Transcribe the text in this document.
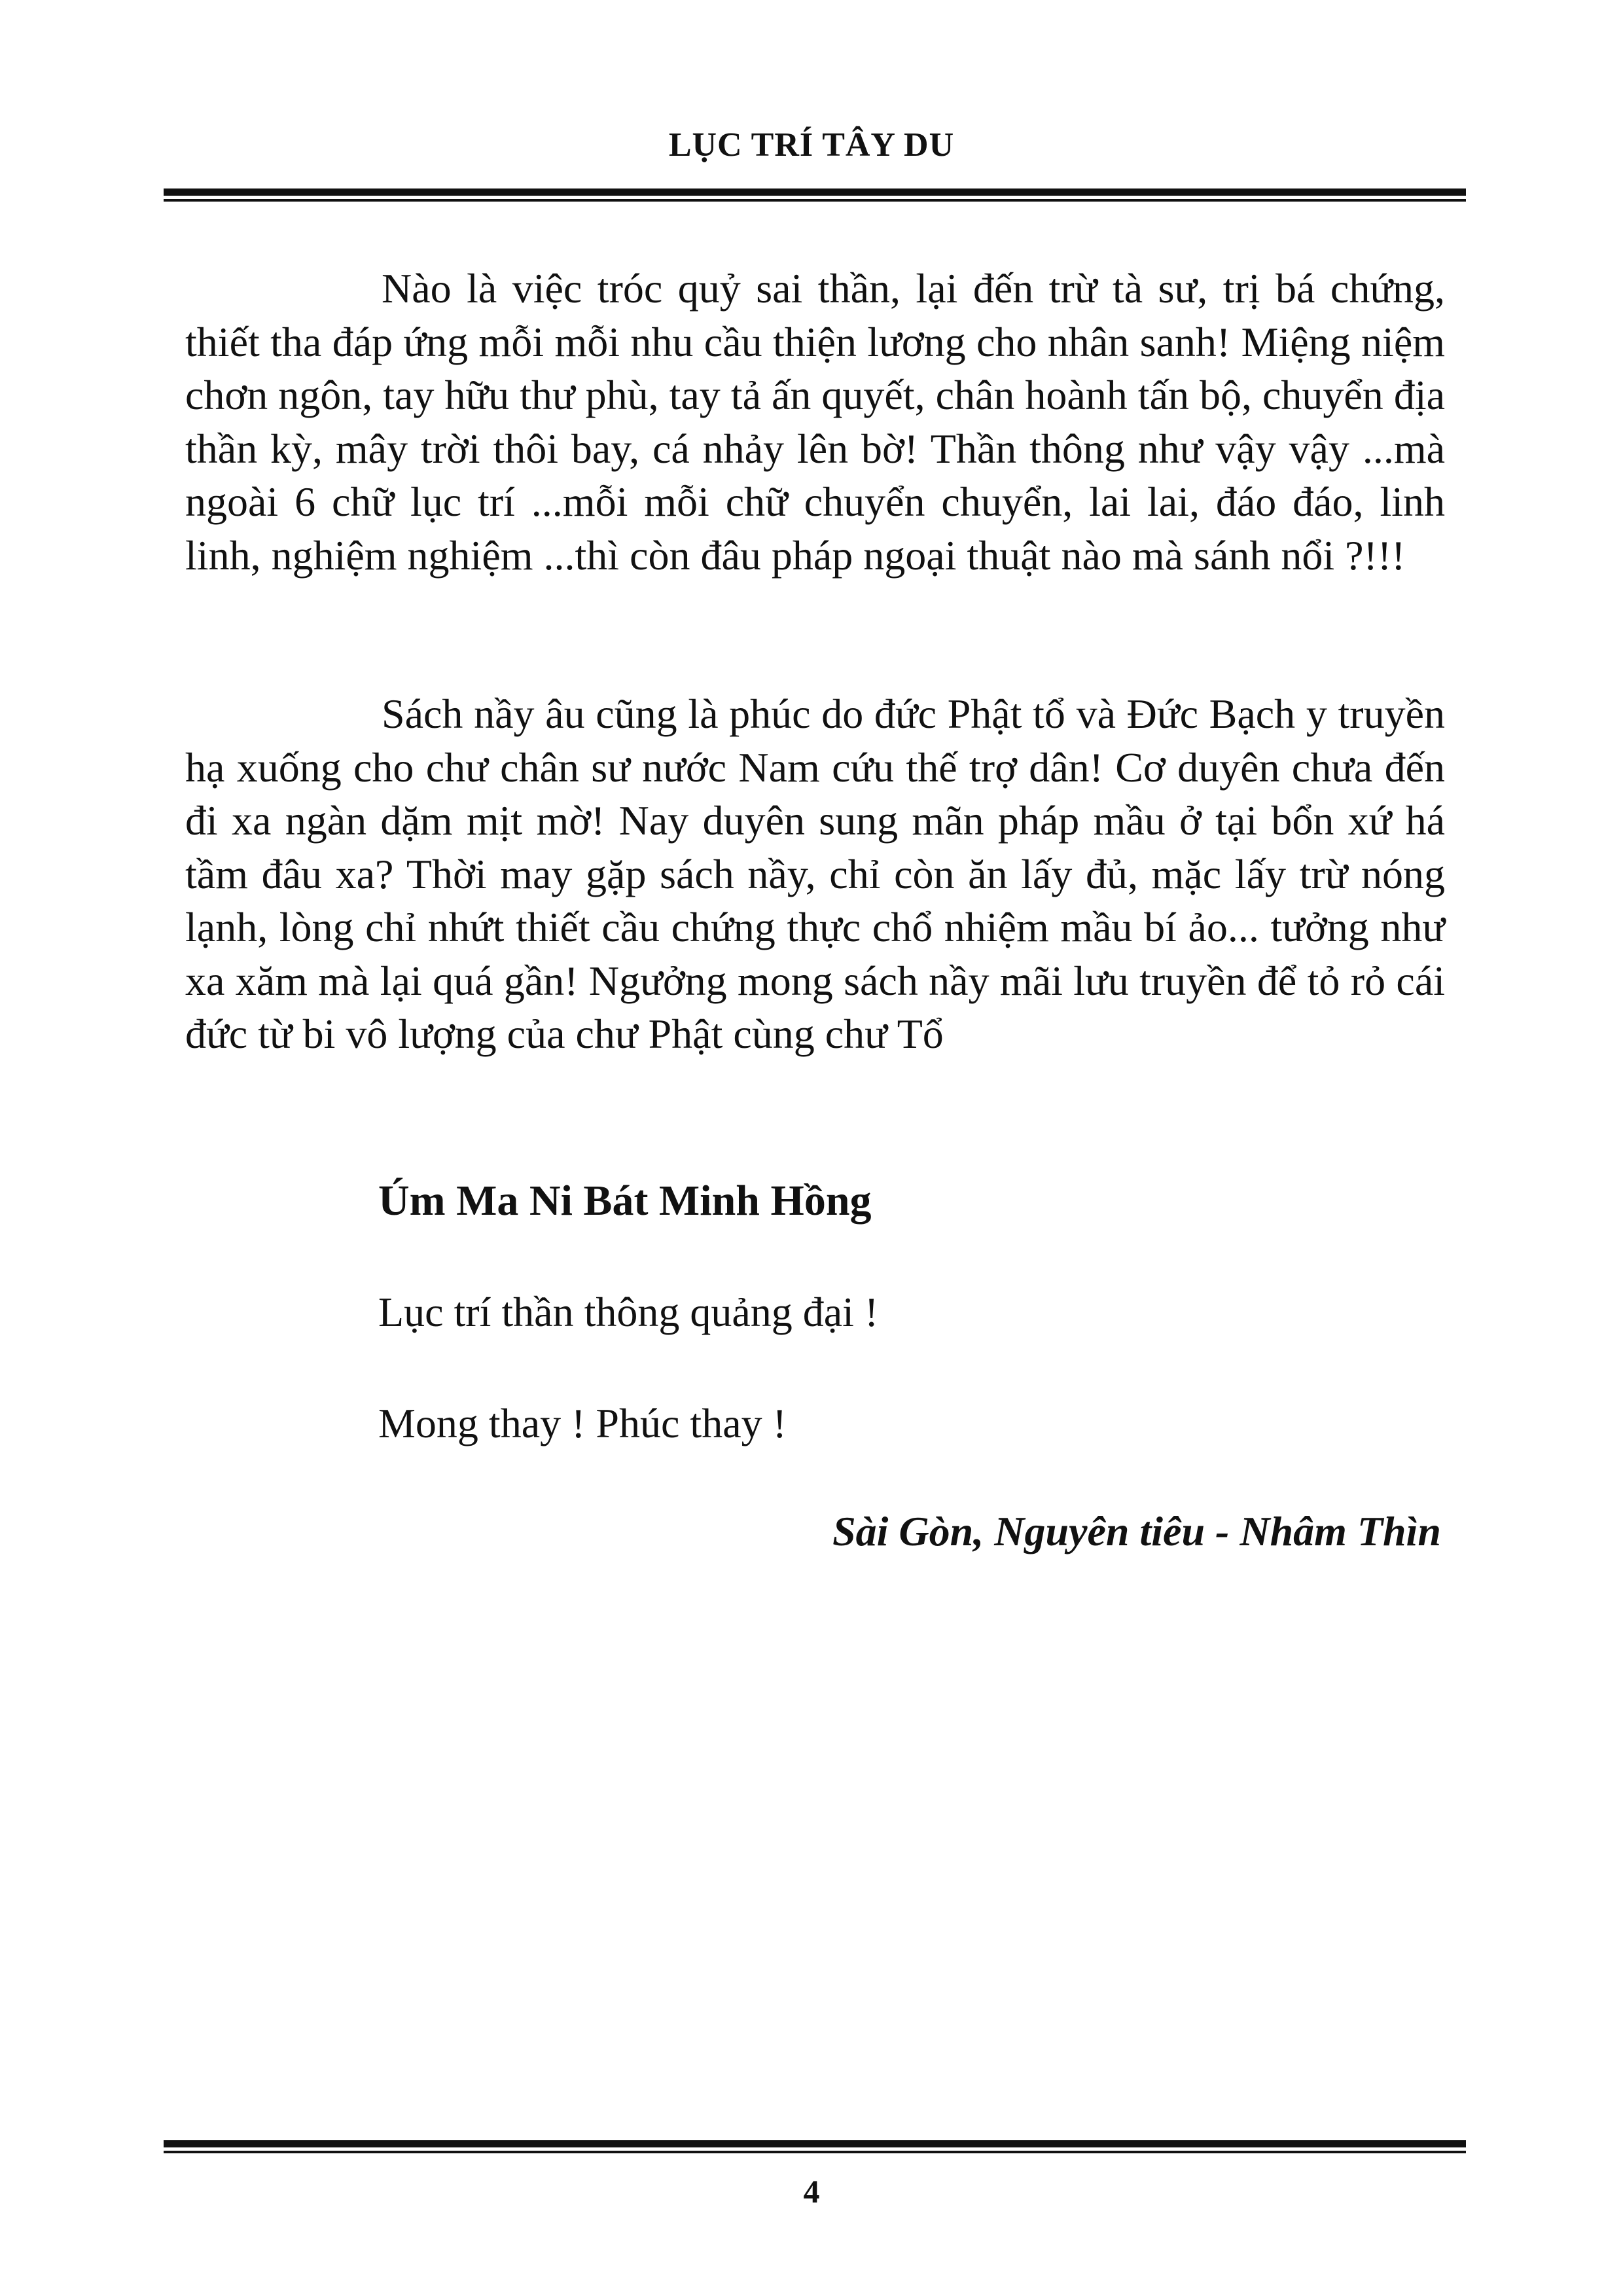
LỤC TRÍ TÂY DU

Nào là việc tróc quỷ sai thần, lại đến trừ tà sư, trị bá chứng, thiết tha đáp ứng mỗi mỗi nhu cầu thiện lương cho nhân sanh! Miệng niệm chơn ngôn, tay hữu thư phù, tay tả ấn quyết, chân hoành tấn bộ, chuyển địa thần kỳ, mây trời thôi bay, cá nhảy lên bờ! Thần thông như vậy vậy ...mà ngoài 6 chữ lục trí ...mỗi mỗi chữ chuyển chuyển, lai lai, đáo đáo, linh linh, nghiệm nghiệm ...thì còn đâu pháp ngoại thuật nào mà sánh nổi ?!!!

Sách nầy âu cũng là phúc do đức Phật tổ và Đức Bạch y truyền hạ xuống cho chư chân sư nước Nam cứu thế trợ dân! Cơ duyên chưa đến đi xa ngàn dặm mịt mờ! Nay duyên sung mãn pháp mầu ở tại bổn xứ há tầm đâu xa? Thời may gặp sách nầy, chỉ còn ăn lấy đủ, mặc lấy trừ nóng lạnh, lòng chỉ nhứt thiết cầu chứng thực chổ nhiệm mầu bí ảo... tưởng như xa xăm mà lại quá gần! Ngưởng mong sách nầy mãi lưu truyền để tỏ rỏ cái đức từ bi vô lượng của chư Phật cùng chư Tổ

Úm Ma Ni Bát Minh Hồng
Lục trí thần thông quảng đại !
Mong thay ! Phúc thay !
Sài Gòn, Nguyên tiêu - Nhâm Thìn
4
